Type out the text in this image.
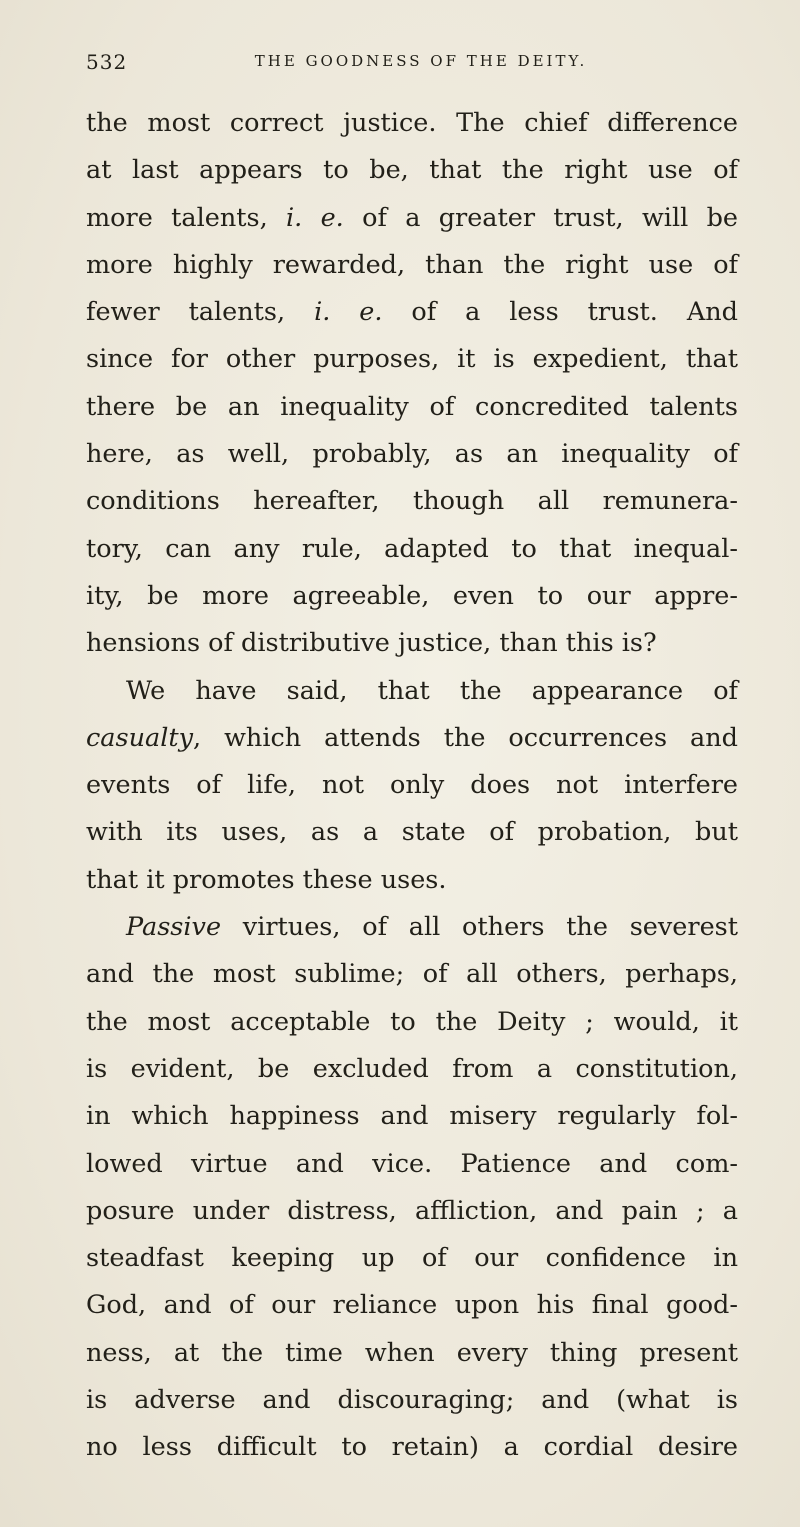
532	THE GOODNESS OF THE DEITY.
the most correct justice. The chief difference
at last appears to be, that the right use of
more talents, i. e. of a greater trust, will be
more highly rewarded, than the right use of
fewer talents, i. e. of a less trust. And
since for other purposes, it is expedient, that
there be an inequality of concredited talents
here, as well, probably, as an inequality of
conditions hereafter, though all remunera-
tory, can any rule, adapted to that inequal-
ity, be more agreeable, even to our appre-
hensions of distributive justice, than this is?
We have said, that the appearance of
casualty, which attends the occurrences and
events of life, not only does not interfere
with its uses, as a state of probation, but
that it promotes these uses.
Passive virtues, of all others the severest
and the most sublime; of all others, perhaps,
the most acceptable to the Deity ; would, it
is evident, be excluded from a constitution,
in which happiness and misery regularly fol-
lowed virtue and vice. Patience and com-
posure under distress, affliction, and pain ; a
steadfast keeping up of our confidence in
God, and of our reliance upon his final good-
ness, at the time when every thing present
is adverse and discouraging; and (what is
no less difficult to retain) a cordial desire
